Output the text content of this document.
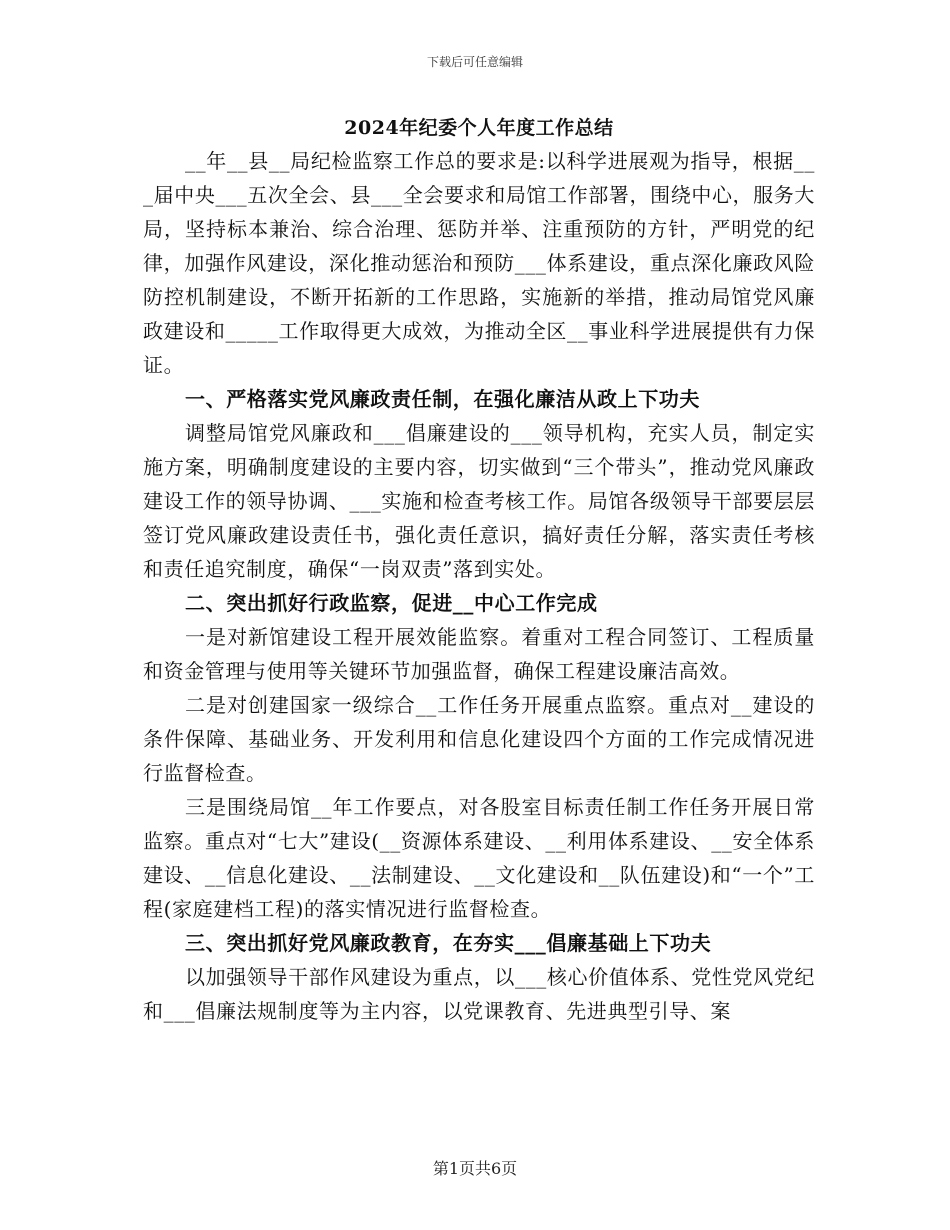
下载后可任意编辑
2024年纪委个人年度工作总结

__年__县__局纪检监察工作总的要求是:以科学进展观为指导，根据___届中央___五次全会、县___全会要求和局馆工作部署，围绕中心，服务大局，坚持标本兼治、综合治理、惩防并举、注重预防的方针，严明党的纪律，加强作风建设，深化推动惩治和预防___体系建设，重点深化廉政风险防控机制建设，不断开拓新的工作思路，实施新的举措，推动局馆党风廉政建设和_____工作取得更大成效，为推动全区__事业科学进展提供有力保证。

一、严格落实党风廉政责任制，在强化廉洁从政上下功夫

调整局馆党风廉政和___倡廉建设的___领导机构，充实人员，制定实施方案，明确制度建设的主要内容，切实做到“三个带头”，推动党风廉政建设工作的领导协调、___实施和检查考核工作。局馆各级领导干部要层层签订党风廉政建设责任书，强化责任意识，搞好责任分解，落实责任考核和责任追究制度，确保“一岗双责”落到实处。

二、突出抓好行政监察，促进__中心工作完成

一是对新馆建设工程开展效能监察。着重对工程合同签订、工程质量和资金管理与使用等关键环节加强监督，确保工程建设廉洁高效。

二是对创建国家一级综合__工作任务开展重点监察。重点对__建设的条件保障、基础业务、开发利用和信息化建设四个方面的工作完成情况进行监督检查。

三是围绕局馆__年工作要点，对各股室目标责任制工作任务开展日常监察。重点对“七大”建设(__资源体系建设、__利用体系建设、__安全体系建设、__信息化建设、__法制建设、__文化建设和__队伍建设)和“一个”工程(家庭建档工程)的落实情况进行监督检查。

三、突出抓好党风廉政教育，在夯实___倡廉基础上下功夫

以加强领导干部作风建设为重点，以___核心价值体系、党性党风党纪和___倡廉法规制度等为主内容，以党课教育、先进典型引导、案

第1页共6页
